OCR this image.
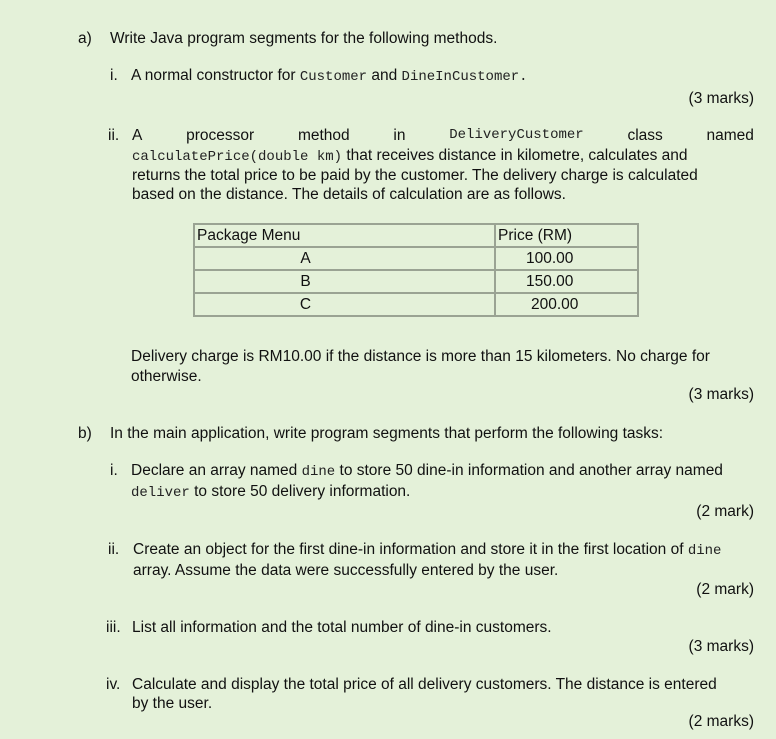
a) Write Java program segments for the following methods.
i. A normal constructor for Customer and DineInCustomer.
(3 marks)
ii. A	processor	method	in	DeliveryCustomer	class	named
calculatePrice(double km) that receives distance in kilometre, calculates and
returns the total price to be paid by the customer. The delivery charge is calculated
based on the distance. The details of calculation are as follows.
Package Menu	Price (RM)
A	100.00
B	150.00
C	200.00
Delivery charge is RM10.00 if the distance is more than 15 kilometers. No charge for
otherwise.
(3 marks)
b) In the main application, write program segments that perform the following tasks:
i. Declare an array named dine to store 50 dine-in information and another array named
deliver to store 50 delivery information.
(2 mark)
ii. Create an object for the first dine-in information and store it in the first location of dine
array. Assume the data were successfully entered by the user.
(2 mark)
iii. List all information and the total number of dine-in customers.
(3 marks)
iv. Calculate and display the total price of all delivery customers. The distance is entered
by the user.
(2 marks)
